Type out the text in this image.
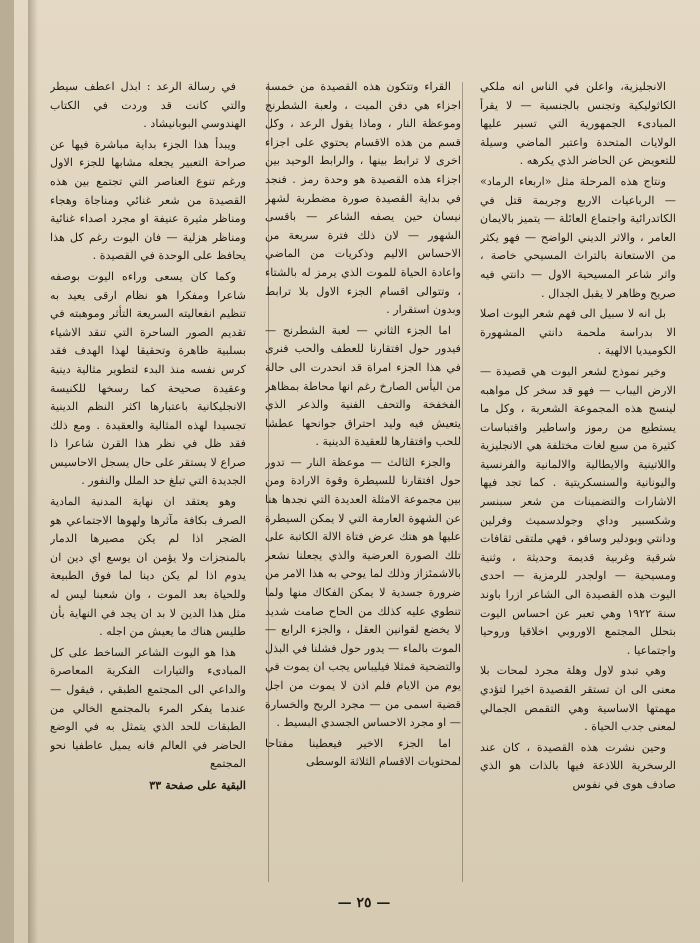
الانجليزية، واعلن في الناس انه ملكي الكاثوليكية وتجنس بالجنسية — لا يقرأ المبادىء الجمهورية التي تسير عليها الولايات المتحدة واعتبر الماضي وسيلة للتعويض عن الحاضر الذي يكرهه .

ونتاج هذه المرحلة مثل «اربعاء الرماد» — الرباعيات الاربع وجريمة قتل في الكاتدرائية واجتماع العائلة — يتميز بالايمان العامر ، والاثر الديني الواضح — فهو يكثر من الاستعانة بالتراث المسيحي خاصة ، واثر شاعر المسيحية الاول — دانتي فيه صريح وظاهر لا يقبل الجدال .

بل انه لا سبيل الى فهم شعر اليوت اصلا الا بدراسة ملحمة دانتي المشهورة الكوميديا الالهية .

وخير نموذج لشعر اليوت هي قصيدة — الارض اليباب — فهو قد سخر كل مواهبه لينسج هذه المجموعة الشعرية ، وكل ما يستطيع من رموز واساطير واقتباسات كثيرة من سبع لغات مختلفة هي الانجليزية واللاتينية والايطالية والالمانية والفرنسية واليونانية والسنسكريتية . كما تجد فيها الاشارات والتضمينات من شعر سبنسر وشكسبير وداي وجولدسميث وفرلين ودانتي وبودلير وسافو ، فهي ملتقى ثقافات شرقية وغربية قديمة وحديثة ، وثنية ومسيحية — اولجدر للرمزية — احدى اليوت هذه القصيدة الى الشاعر ازرا باوند سنة ١٩٢٢ وهي تعبر عن احساس اليوت بتحلل المجتمع الاوروبي اخلاقيا وروحيا واجتماعيا .

وهي تبدو لاول وهلة مجرد لمحات بلا معنى الى ان تستقر القصيدة اخيرا لتؤدي مهمتها الاساسية وهي التقمص الجمالي لمعنى جدب الحياة .

وحين نشرت هذه القصيدة ، كان عند الرسخرية اللاذعة فيها بالذات هو الذي صادف هوى في نفوس

القراء وتتكون هذه القصيدة من خمسة اجزاء هي دفن الميت ، ولعبة الشطرنج وموعظة النار ، وماذا يقول الرعد ، وكل قسم من هذه الاقسام يحتوي على اجزاء اخرى لا ترابط بينها ، والرابط الوحيد بين اجزاء هذه القصيدة هو وحدة رمز . فنجد في بداية القصيدة صورة مضطربة لشهر نيسان حين يصفه الشاعر — باقسى الشهور — لان ذلك فترة سريعة من الاحساس الاليم وذكريات من الماضي واعادة الحياة للموت الذي يرمز له بالشتاء ، وتتوالى اقسام الجزء الاول بلا ترابط وبدون استقرار .

اما الجزء الثاني — لعبة الشطرنج — فيدور حول افتقارنا للعطف والحب فنرى في هذا الجزء امراة قد انحدرت الى حالة من اليأس الصارخ رغم انها محاطة بمظاهر الفخفخة والتحف الفنية والذعر الذي يتعيش فيه وليد احتراق جوانحها عطشا للحب وافتقارها للعقيدة الدينية .

والجزء الثالث — موعظة النار — تدور حول افتقارنا للسيطرة وقوة الارادة ومن بين مجموعة الامثلة العديدة التي نجدها هنا عن الشهوة العارمة التي لا يمكن السيطرة عليها هو هتك عرض فتاة الالة الكاتبة على تلك الصورة العرضية والذي يجعلنا نشعر بالاشمئزاز وذلك لما يوحي به هذا الامر من ضرورة جسدية لا يمكن الفكاك منها ولما تنطوي عليه كذلك من الحاح صامت شديد لا يخضع لقوانين العقل ، والجزء الرابع — الموت بالماء — يدور حول فشلنا في البذل والتضحية فمثلا فيليباس يجب ان يموت في يوم من الايام فلم اذن لا يموت من اجل قضية اسمى من — مجرد الربح والخسارة — او مجرد الاحساس الجسدي البسيط .

اما الجزء الاخير فيعطينا مفتاحا لمحتويات الاقسام الثلاثة الوسطى

في رسالة الرعد : ابذل اعطف سيطر والتي كانت قد وردت في الكتاب الهندوسي البوبانيشاد .

ويبدأ هذا الجزء بداية مباشرة فيها عن صراحة التعبير يجعله مشابها للجزء الاول ورغم تنوع العناصر التي تجتمع بين هذه القصيدة من شعر غنائي ومناجاة وهجاء ومناظر مثيرة عنيفة او مجرد اصداء غنائية ومناظر هزلية — فان اليوت رغم كل هذا يحافظ على الوحدة في القصيدة .

وكما كان يسعى وراءه اليوت بوصفه شاعرا ومفكرا هو نظام ارقى يعيد به تنظيم انفعاليته السريعة التأثر وموهبته في تقديم الصور الساحرة التي تنقد الاشياء بسلبية ظاهرة وتحقيقا لهذا الهدف فقد كرس نفسه منذ البدء لتطوير مثالية دينية وعقيدة صحيحة كما رسخها للكنيسة الانجليكانية باعتبارها اكثر النظم الدينية تجسيدا لهذه المثالية والعقيدة . ومع ذلك فقد ظل في نظر هذا القرن شاعرا ذا صراع لا يستقر على حال يسجل الاحاسيس الجديدة التي تبلغ حد الملل والنفور .

وهو يعتقد ان نهاية المدنية المادية الصرف بكافة مآثرها ولهوها الاجتماعي هو الضجر اذا لم يكن مصيرها الدمار بالمنجزات ولا يؤمن ان يوسع اي دين ان يدوم اذا لم يكن دينا لما فوق الطبيعة وللحياة بعد الموت ، وان شعبنا ليس له مثل هذا الدين لا بد ان يجد في النهاية بأن طليس هناك ما يعيش من اجله .

هذا هو اليوت الشاعر الساخط على كل المبادىء والتيارات الفكرية المعاصرة والداعي الى المجتمع الطبقي ، فيقول — عندما يفكر المرء بالمجتمع الخالي من الطبقات للحد الذي يتمثل به في الوضع الحاضر في العالم فانه يميل عاطفيا نحو المجتمع

البقية على صفحة ٣٣
— ٢٥ —
